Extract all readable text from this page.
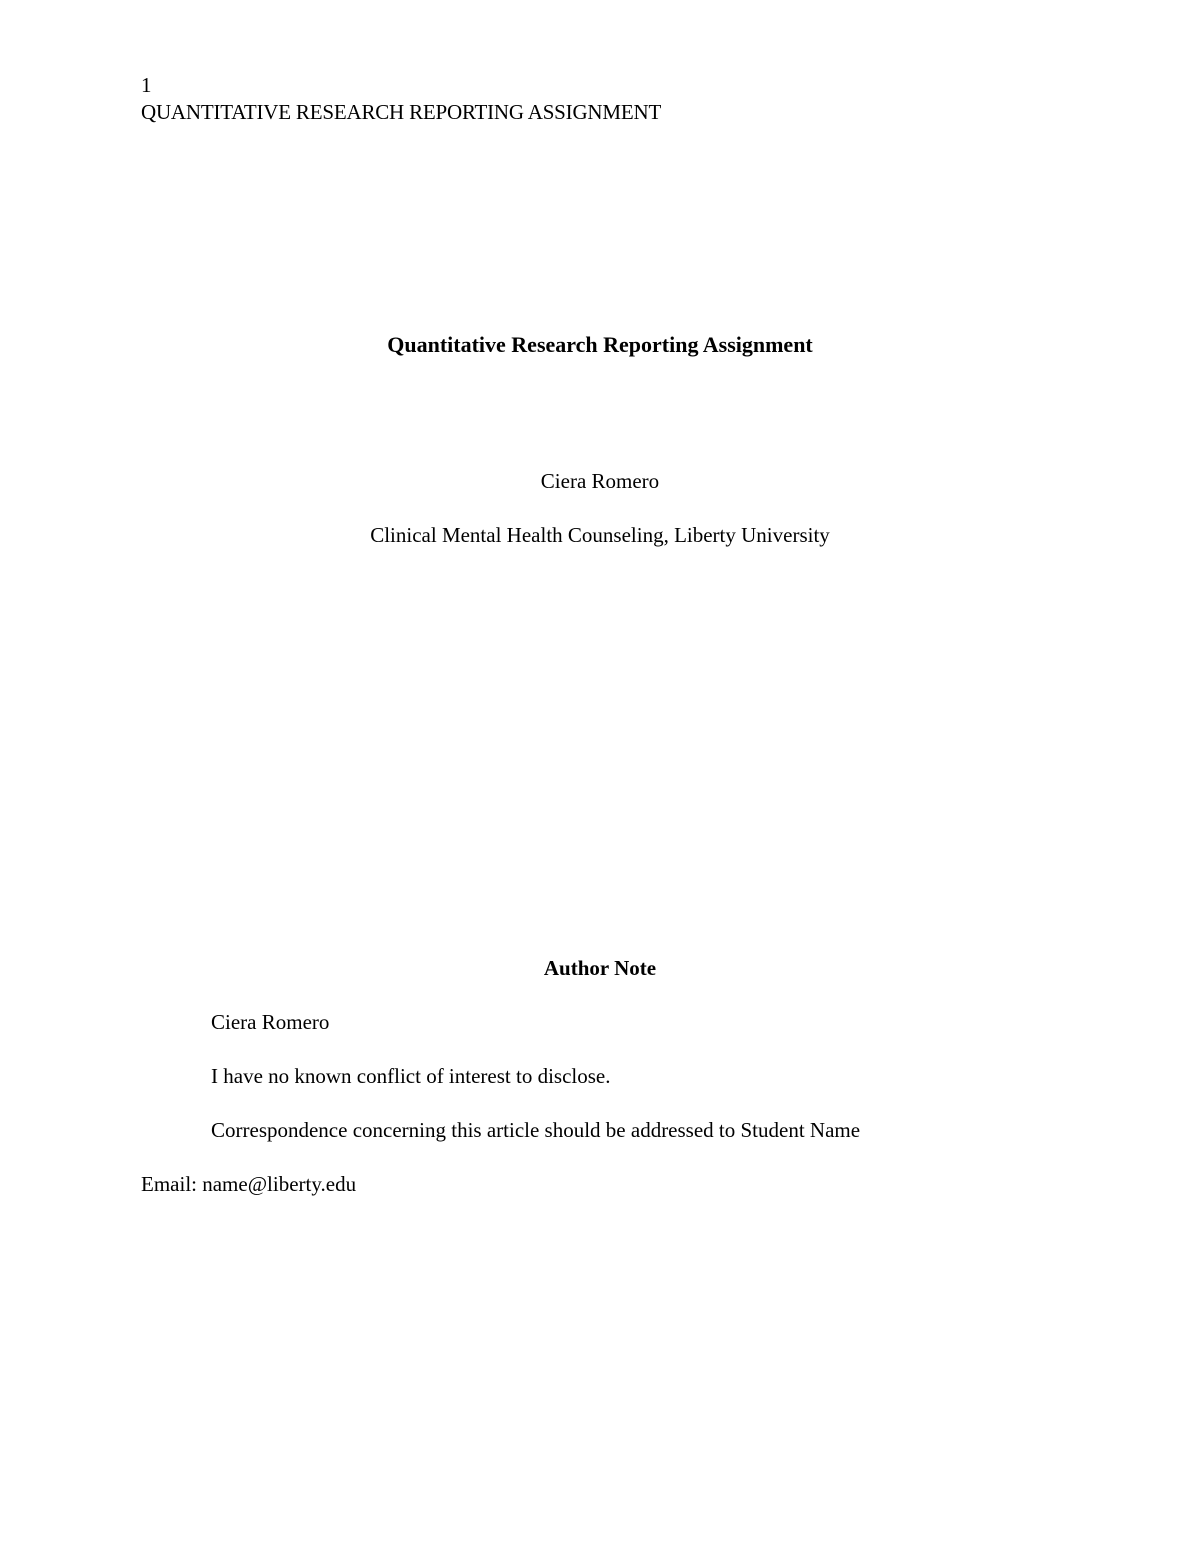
1
QUANTITATIVE RESEARCH REPORTING ASSIGNMENT
Quantitative Research Reporting Assignment
Ciera Romero
Clinical Mental Health Counseling, Liberty University
Author Note
Ciera Romero
I have no known conflict of interest to disclose.
Correspondence concerning this article should be addressed to Student Name
Email: name@liberty.edu
